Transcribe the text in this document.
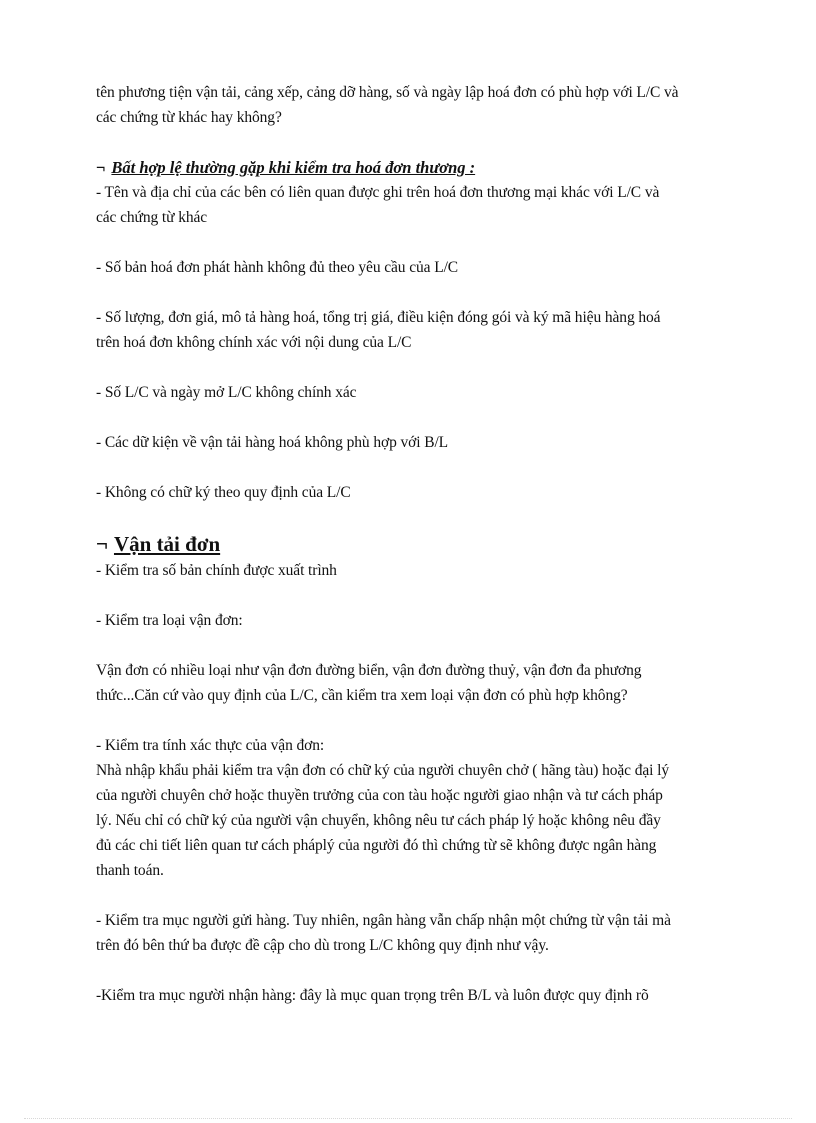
tên phương tiện vận tải, cảng xếp, cảng dỡ hàng, số và ngày lập hoá đơn có phù hợp với L/C và
các chứng từ khác hay không?
¬ Bất hợp lệ thường gặp khi kiểm tra hoá đơn thương :
- Tên và địa chỉ của các bên có liên quan được ghi trên hoá đơn thương mại khác với L/C và
các chứng từ khác
- Số bản hoá đơn phát hành không đủ theo yêu cầu của L/C
- Số lượng, đơn giá, mô tả hàng hoá, tổng trị giá, điều kiện đóng gói và ký mã hiệu hàng hoá
trên hoá đơn không chính xác với nội dung của L/C
- Số L/C và ngày mở L/C không chính xác
- Các dữ kiện về vận tải hàng hoá không phù hợp với B/L
- Không có chữ ký theo quy định của L/C
¬ Vận tải đơn
- Kiểm tra số bản chính được xuất trình
- Kiểm tra loại vận đơn:
Vận đơn có nhiều loại như vận đơn đường biển, vận đơn đường thuỷ, vận đơn đa phương
thức...Căn cứ vào quy định của L/C, cần kiểm tra xem loại vận đơn có phù hợp không?
- Kiểm tra tính xác thực của vận đơn:
Nhà nhập khẩu phải kiểm tra vận đơn có chữ ký của người chuyên chở ( hãng tàu) hoặc đại lý
của người chuyên chở hoặc thuyền trưởng của con tàu hoặc người giao nhận và tư cách pháp
lý. Nếu chỉ có chữ ký của người vận chuyển, không nêu tư cách pháp lý hoặc không nêu đầy
đủ các chi tiết liên quan tư cách pháplý của người đó thì chứng từ sẽ không được ngân hàng
thanh toán.
- Kiểm tra mục người gửi hàng. Tuy nhiên, ngân hàng vẫn chấp nhận một chứng từ vận tải mà
trên đó bên thứ ba được đề cập cho dù trong L/C không quy định như vậy.
-Kiểm tra mục người nhận hàng: đây là mục quan trọng trên B/L và luôn được quy định rõ
